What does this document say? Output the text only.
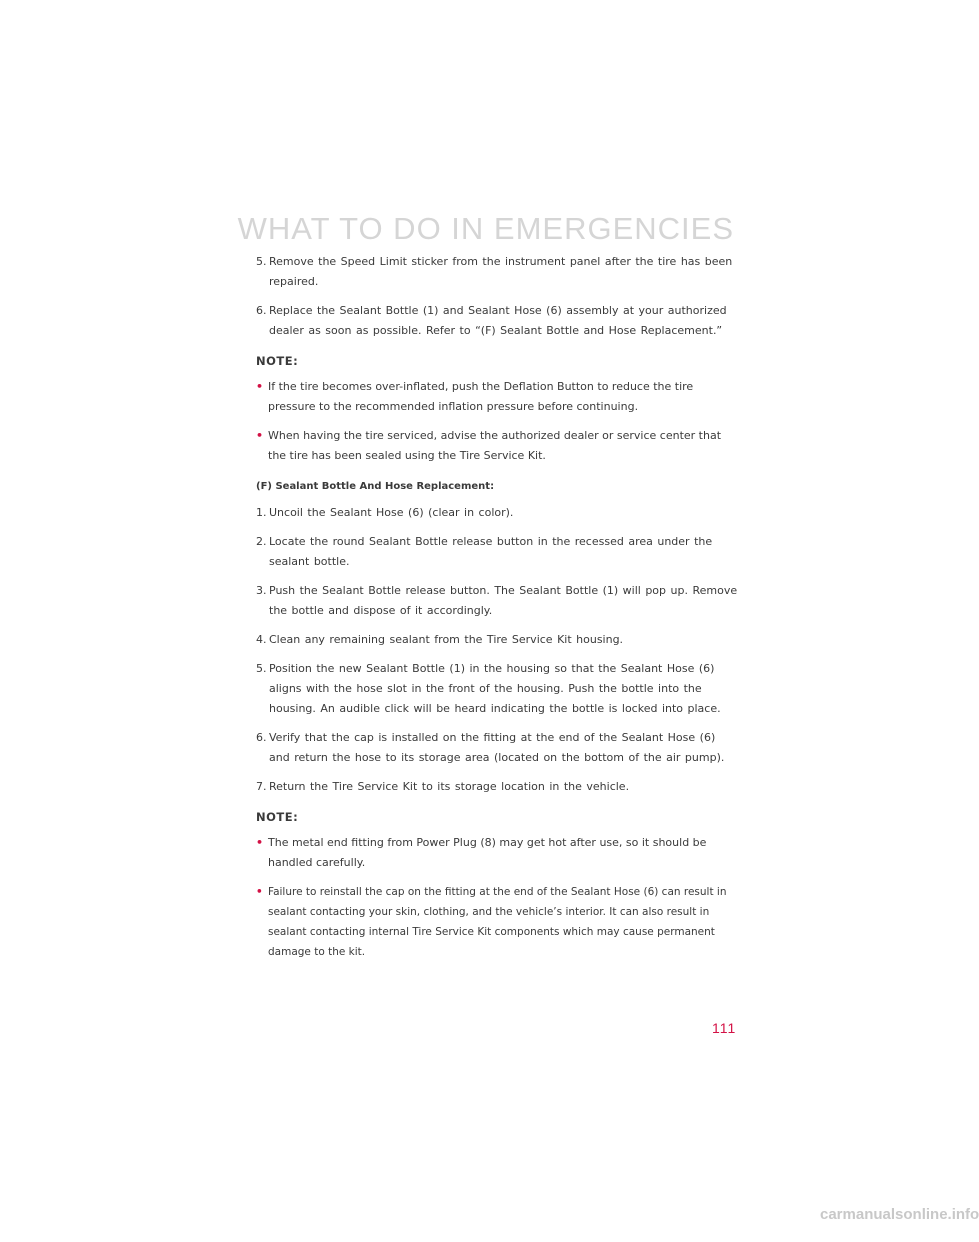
WHAT TO DO IN EMERGENCIES
5. Remove the Speed Limit sticker from the instrument panel after the tire has been repaired.
6. Replace the Sealant Bottle (1) and Sealant Hose (6) assembly at your authorized dealer as soon as possible. Refer to “(F) Sealant Bottle and Hose Replacement.”
NOTE:
• If the tire becomes over-inflated, push the Deflation Button to reduce the tire pressure to the recommended inflation pressure before continuing.
• When having the tire serviced, advise the authorized dealer or service center that the tire has been sealed using the Tire Service Kit.
(F) Sealant Bottle And Hose Replacement:
1. Uncoil the Sealant Hose (6) (clear in color).
2. Locate the round Sealant Bottle release button in the recessed area under the sealant bottle.
3. Push the Sealant Bottle release button. The Sealant Bottle (1) will pop up. Remove the bottle and dispose of it accordingly.
4. Clean any remaining sealant from the Tire Service Kit housing.
5. Position the new Sealant Bottle (1) in the housing so that the Sealant Hose (6) aligns with the hose slot in the front of the housing. Push the bottle into the housing. An audible click will be heard indicating the bottle is locked into place.
6. Verify that the cap is installed on the fitting at the end of the Sealant Hose (6) and return the hose to its storage area (located on the bottom of the air pump).
7. Return the Tire Service Kit to its storage location in the vehicle.
NOTE:
• The metal end fitting from Power Plug (8) may get hot after use, so it should be handled carefully.
• Failure to reinstall the cap on the fitting at the end of the Sealant Hose (6) can result in sealant contacting your skin, clothing, and the vehicle’s interior. It can also result in sealant contacting internal Tire Service Kit components which may cause permanent damage to the kit.
111
carmanualsonline.info
